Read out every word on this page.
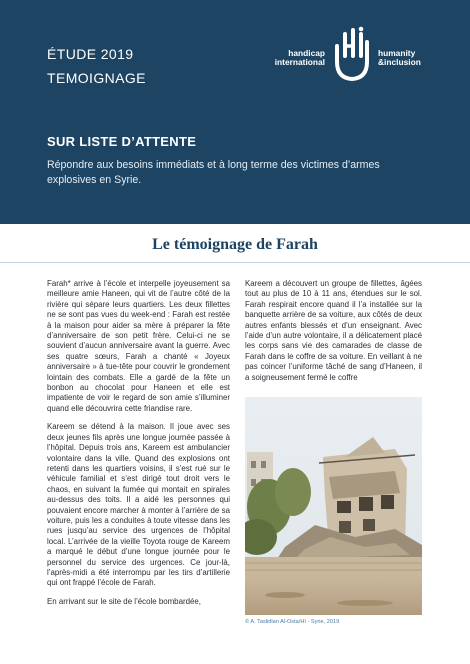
ÉTUDE 2019
TEMOIGNAGE
handicap
international
humanity
&inclusion
SUR LISTE D’ATTENTE
Répondre aux besoins immédiats et à long terme des victimes d’armes explosives en Syrie.
Le témoignage de Farah

Farah* arrive à l’école et interpelle joyeusement sa meilleure amie Haneen, qui vit de l’autre côté de la rivière qui sépare leurs quartiers. Les deux fillettes ne se sont pas vues du week-end : Farah est restée à la maison pour aider sa mère à préparer la fête d’anniversaire de son petit frère. Celui-ci ne se souvient d’aucun anniversaire avant la guerre. Avec ses quatre sœurs, Farah a chanté « Joyeux anniversaire » à tue-tête pour couvrir le grondement lointain des combats. Elle a gardé de la fête un bonbon au chocolat pour Haneen et elle est impatiente de voir le regard de son amie s’illuminer quand elle découvrira cette friandise rare.

Kareem se détend à la maison. Il joue avec ses deux jeunes fils après une longue journée passée à l’hôpital. Depuis trois ans, Kareem est ambulancier volontaire dans la ville. Quand des explosions ont retenti dans les quartiers voisins, il s’est rué sur le véhicule familial et s’est dirigé tout droit vers le chaos, en suivant la fumée qui montait en spirales au-dessus des toits. Il a aidé les personnes qui pouvaient encore marcher à monter à l’arrière de sa voiture, puis les a conduites à toute vitesse dans les rues jusqu’au service des urgences de l’hôpital local. L’arrivée de la vieille Toyota rouge de Kareem a marqué le début d’une longue journée pour le personnel du service des urgences. Ce jour-là, l’après-midi a été interrompu par les tirs d’artillerie qui ont frappé l’école de Farah.

En arrivant sur le site de l’école bombardée,

Kareem a découvert un groupe de fillettes, âgées tout au plus de 10 à 11 ans, étendues sur le sol. Farah respirait encore quand il l’a installée sur la banquette arrière de sa voiture, aux côtés de deux autres enfants blessés et d’un enseignant. Avec l’aide d’un autre volontaire, il a délicatement placé les corps sans vie des camarades de classe de Farah dans le coffre de sa voiture. En veillant à ne pas coincer l’uniforme tâché de sang d’Haneen, il a soigneusement fermé le coffre

© A. Taslidlan Al-Osta/HI - Syrie, 2019
